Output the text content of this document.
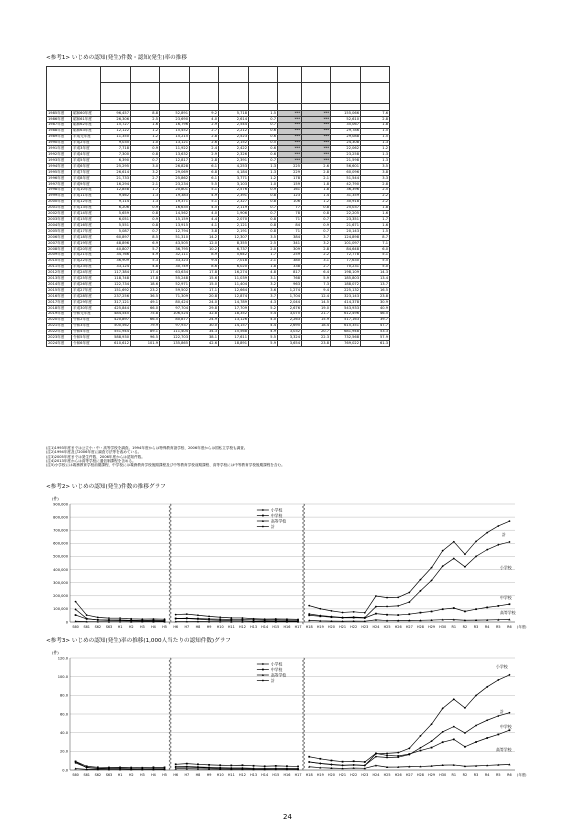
<参考1> いじめの認知(発生)件数・認知(発生)率の推移

1985年度	昭和60年度	96,457	8.8	52,891	9.2	5,718	1.5	***	***	155,066	7.6
1986年度	昭和61年度	26,306	2.5	23,690	4.0	2,614	0.7	***	***	52,610	2.8
1987年度	昭和62年度	15,727	1.6	16,796	2.9	2,544	0.7	***	***	35,067	1.8
1988年度	昭和63年度	12,122	1.2	15,452	2.7	2,212	0.6	***	***	29,786	1.5
1989年度	平成元年度	11,350	1.2	15,215	2.8	2,523	0.6	***	***	29,088	1.5
1990年度	平成2年度	9,035	1.0	13,121	2.6	2,152	0.5	***	***	24,308	1.3
1991年度	平成3年度	7,718	0.9	11,922	2.4	2,422	0.6	***	***	22,062	1.2
1992年度	平成4年度	7,300	0.8	13,632	2.9	2,326	0.6	***	***	23,258	1.3
1993年度	平成5年度	6,390	0.7	12,817	2.8	2,391	0.7	***	***	21,598	1.3
1994年度	平成6年度	25,295	3.0	26,828	6.1	4,253	1.3	225	2.6	56,601	3.5
1995年度	平成7年度	26,614	3.2	29,069	6.8	4,184	1.3	229	2.8	60,096	3.8
1996年度	平成8年度	21,733	2.7	25,862	6.1	3,771	1.2	178	2.1	51,544	3.3
1997年度	平成9年度	16,294	2.1	23,234	5.5	3,103	1.0	159	1.8	42,790	2.8
1998年度	平成10年度	12,858	1.7	20,801	5.1	2,576	0.9	161	1.8	36,396	2.5
1999年度	平成11年度	9,462	1.3	19,383	4.9	2,391	0.8	123	1.4	31,359	2.2
2000年度	平成12年度	9,114	1.3	19,371	5.1	2,327	0.8	106	1.2	30,918	2.2
2001年度	平成13年度	6,206	0.9	16,635	4.5	2,119	0.7	77	0.8	25,037	1.8
2002年度	平成14年度	5,659	0.8	14,562	4.0	1,906	0.7	78	0.8	22,205	1.6
2003年度	平成15年度	6,051	0.9	15,159	4.4	2,070	0.8	71	0.7	23,351	1.7
2004年度	平成16年度	5,551	0.8	13,915	4.1	2,121	0.8	84	0.9	21,671	1.6
2005年度	平成17年度	5,087	0.7	12,794	3.8	2,191	0.8	71	0.7	20,143	1.5
2006年度	平成18年度	60,897	8.5	51,310	14.2	12,307	3.5	384	3.7	124,898	8.7
2007年度	平成19年度	48,896	6.9	43,505	12.0	8,355	2.5	341	3.2	101,097	7.1
2008年度	平成20年度	40,807	5.7	36,795	10.2	6,737	2.0	309	2.8	84,648	6.0
2009年度	平成21年度	34,766	4.9	32,111	8.9	5,642	1.7	259	2.2	72,778	5.1
2010年度	平成22年度	36,909	5.3	33,323	9.4	7,018	2.1	380	3.1	77,630	5.5
2011年度	平成23年度	33,124	4.8	30,749	8.6	6,020	1.8	338	2.7	70,231	5.0
2012年度	平成24年度	117,384	17.4	63,634	17.8	16,274	4.8	817	6.4	198,109	14.3
2013年度	平成25年度	118,748	17.8	55,248	15.6	11,039	3.1	768	5.9	185,803	13.4
2014年度	平成26年度	122,734	18.6	52,971	15.0	11,404	3.2	963	7.3	188,072	13.7
2015年度	平成27年度	151,692	23.2	59,502	17.1	12,664	3.6	1,274	9.4	225,132	16.5
2016年度	平成28年度	237,256	36.5	71,309	20.8	12,874	3.7	1,704	12.4	323,143	23.8
2017年度	平成29年度	317,121	49.1	80,424	24.0	14,789	4.3	2,044	14.5	414,378	30.9
2018年度	平成30年度	425,844	66.0	97,704	29.8	17,709	5.2	2,676	19.0	543,933	40.9
2019年度	令和元年度	484,545	75.8	106,524	32.8	18,352	5.4	3,075	21.7	612,496	46.5
2020年度	令和2年度	420,897	66.5	80,877	24.9	13,126	4.0	2,263	15.9	517,163	39.7
2021年度	令和3年度	500,562	79.9	97,937	30.0	14,157	4.4	2,695	18.4	615,351	47.7
2022年度	令和4年度	551,944	89.1	111,404	34.3	15,568	4.9	3,032	20.7	681,948	53.3
2023年度	令和5年度	588,930	96.5	122,703	38.1	17,611	5.5	3,324	22.3	732,568	57.9
2024年度	令和6年度	610,612	101.9	135,865	42.6	18,891	5.9	3,654	23.8	769,022	61.3
(注1)1993年度までは公立小・中・高等学校を調査。1994年度からは特殊教育諸学校、2006年度からは国私立学校も調査。
(注2)1994年度及び2006年度に調査方法等を改めている。
(注3)2005年度までは発生件数、2006年度からは認知件数。
(注4)2013年度からは高等学校に通信制課程を含める。
(注5)小学校には義務教育学校前期課程、中学校には義務教育学校後期課程及び中等教育学校前期課程、高等学校には中等教育学校後期課程を含む。
<参考2> いじめの認知(発生)件数の推移グラフ
(件)
900,000
800,000
700,000
600,000
500,000
400,000
300,000
200,000
100,000
0
S60 S61 S62 S63 H1 H2 H3 H4 H5 H6 H7 H8 H9 H10 H11 H12 H13 H14 H15 H16 H17 H18 H19 H20 H21 H22 H23 H24 H25 H26 H27 H28 H29 H30 R1 R2 R3 R4 R5 R6 (年度)
小学校
中学校
高等学校
計
計
小学校
中学校
高等学校
<参考3> いじめの認知(発生)率の推移(1,000人当たりの認知件数)グラフ
(件)
120.0
100.0
80.0
60.0
40.0
20.0
0.0
S60 S61 S62 S63 H1 H2 H3 H4 H5 H6 H7 H8 H9 H10 H11 H12 H13 H14 H15 H16 H17 H18 H19 H20 H21 H22 H23 H24 H25 H26 H27 H28 H29 H30 R1 R2 R3 R4 R5 R6 (年度)
小学校
中学校
高等学校
計
小学校
計
中学校
高等学校
24
